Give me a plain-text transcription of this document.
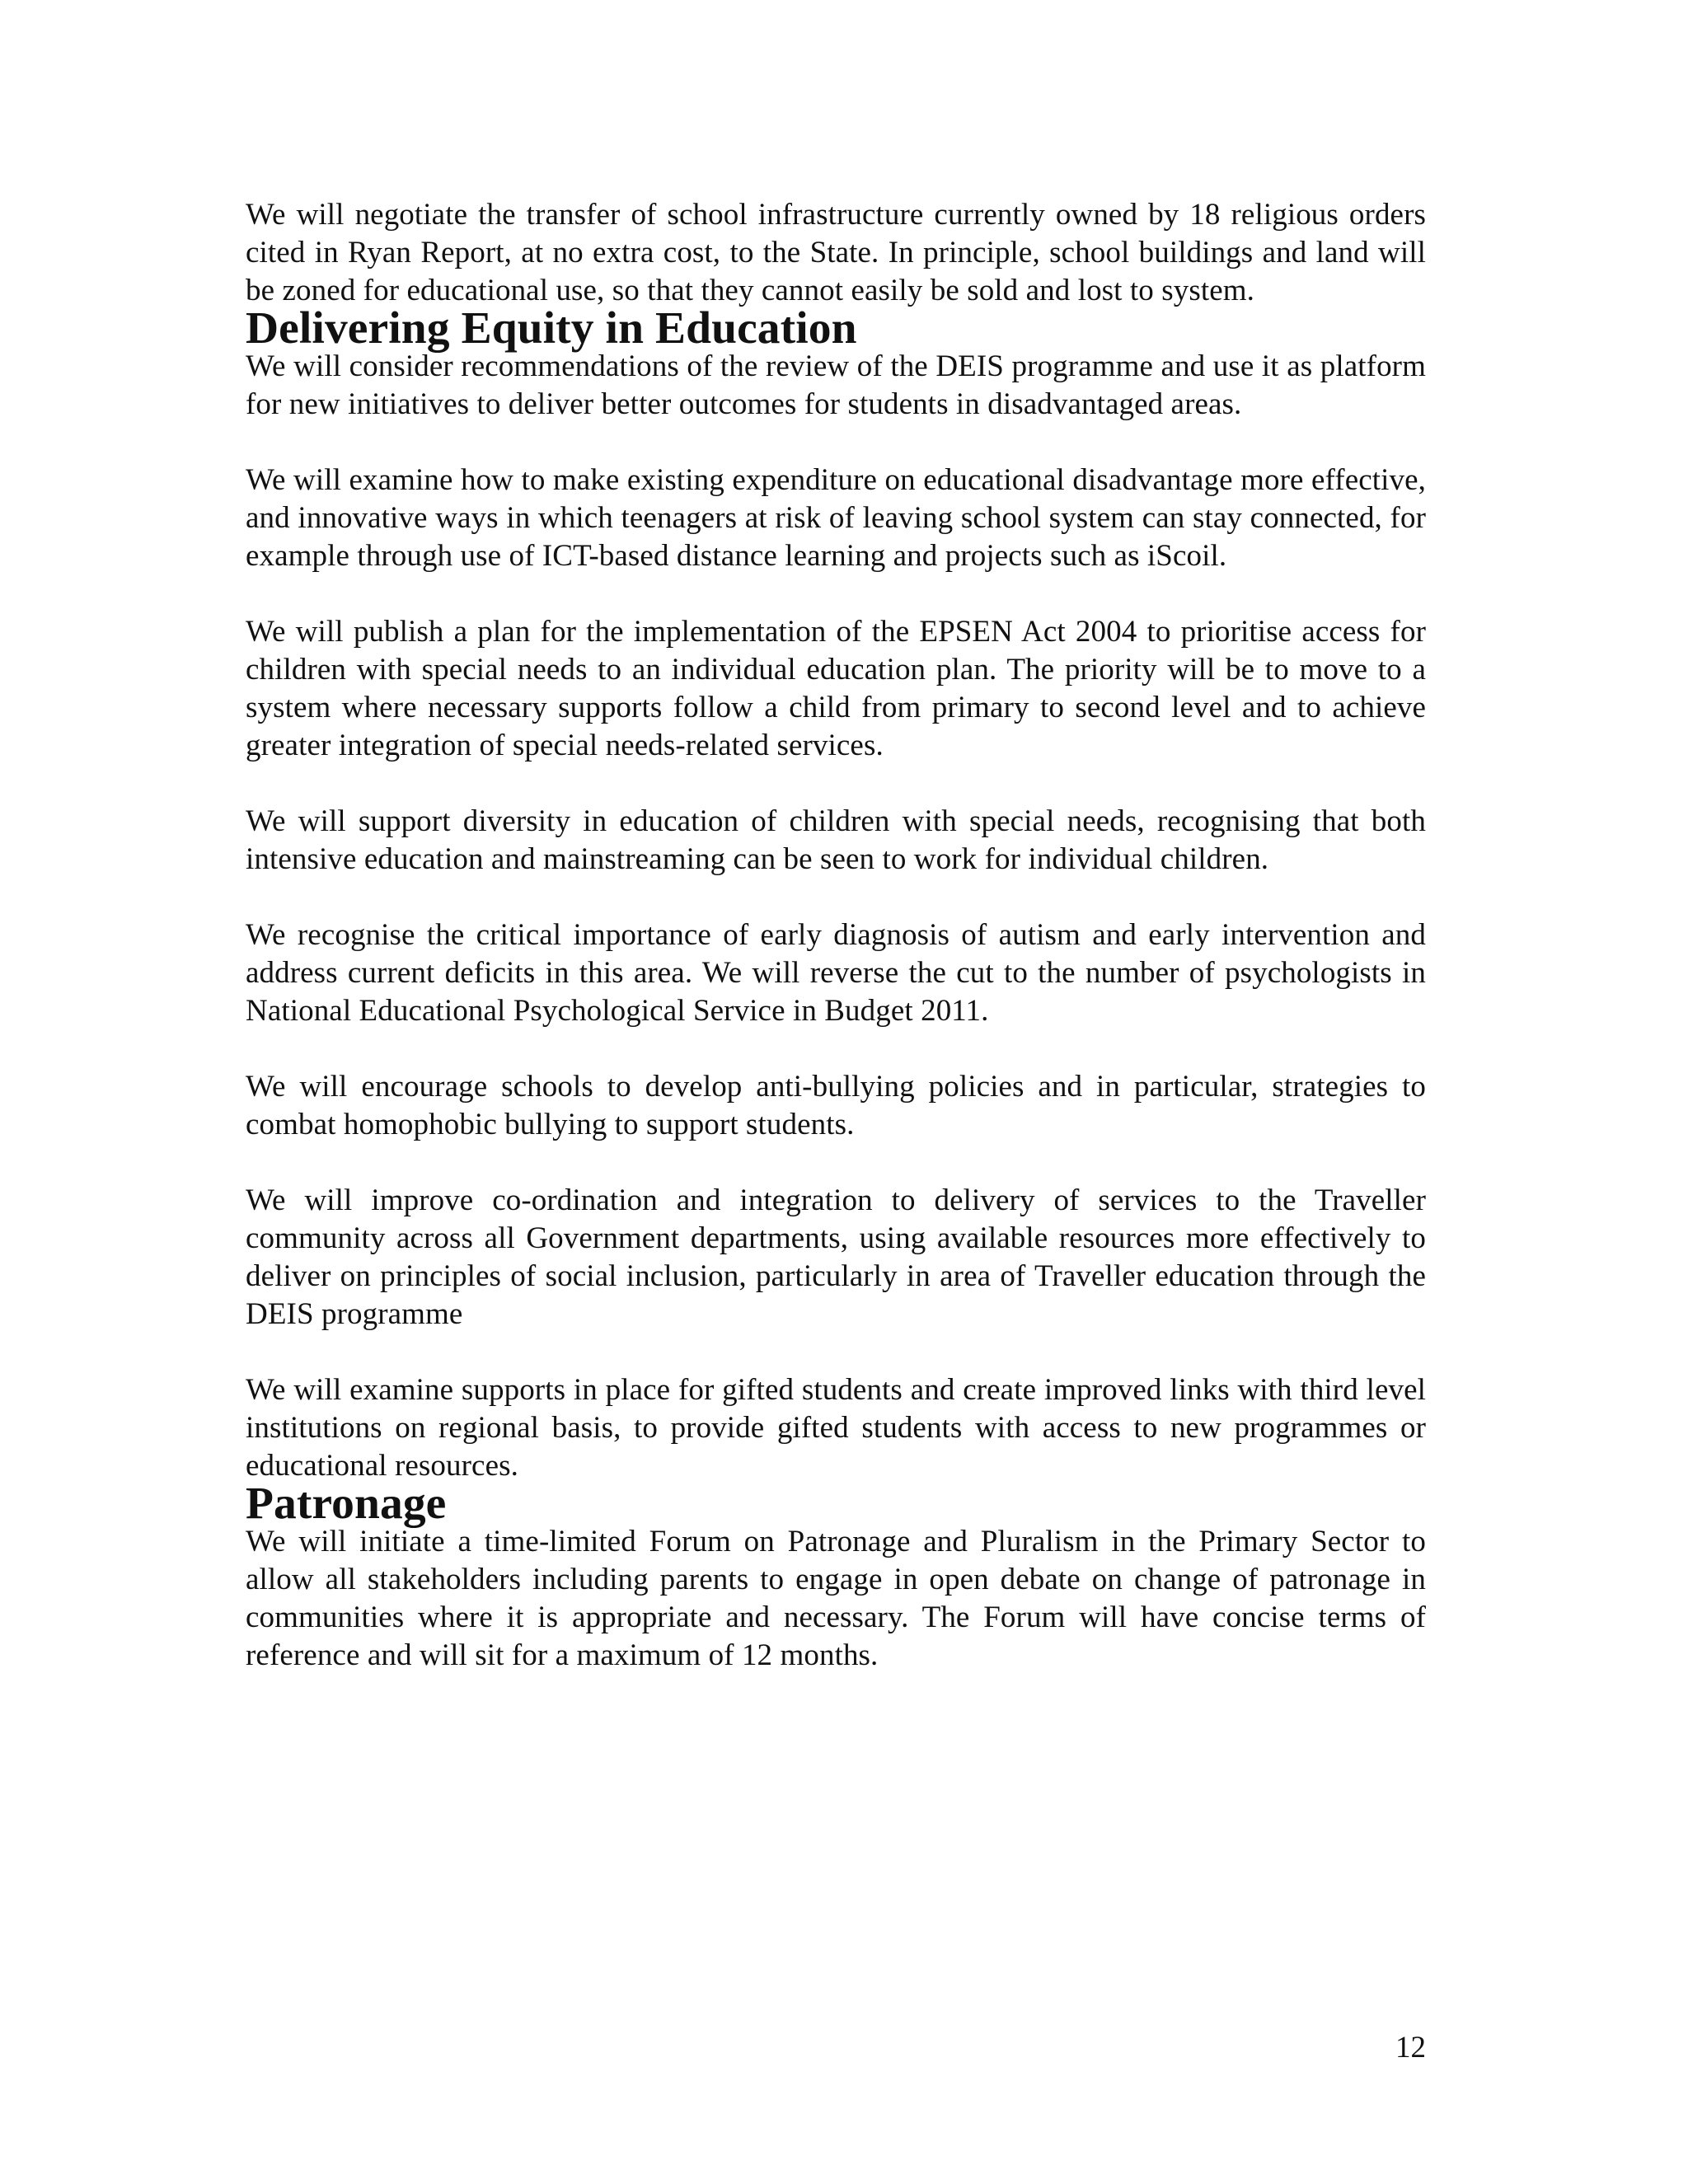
We will negotiate the transfer of school infrastructure currently owned by 18 religious orders cited in Ryan Report, at no extra cost, to the State. In principle, school buildings and land will be zoned for educational use, so that they cannot easily be sold and lost to system.

Delivering Equity in Education

We will consider recommendations of the review of the DEIS programme and use it as platform for new initiatives to deliver better outcomes for students in disadvantaged areas.

We will examine how to make existing expenditure on educational disadvantage more effective, and innovative ways in which teenagers at risk of leaving school system can stay connected, for example through use of ICT-based distance learning and projects such as iScoil.

We will publish a plan for the implementation of the EPSEN Act 2004 to prioritise access for children with special needs to an individual education plan. The priority will be to move to a system where necessary supports follow a child from primary to second level and to achieve greater integration of special needs-related services.

We will support diversity in education of children with special needs, recognising that both intensive education and mainstreaming can be seen to work for individual children.

We recognise the critical importance of early diagnosis of autism and early intervention and address current deficits in this area. We will reverse the cut to the number of psychologists in National Educational Psychological Service in Budget 2011.

We will encourage schools to develop anti-bullying policies and in particular, strategies to combat homophobic bullying to support students.

We will improve co-ordination and integration to delivery of services to the Traveller community across all Government departments, using available resources more effectively to deliver on principles of social inclusion, particularly in area of Traveller education through the DEIS programme

We will examine supports in place for gifted students and create improved links with third level institutions on regional basis, to provide gifted students with access to new programmes or educational resources.

Patronage

We will initiate a time-limited Forum on Patronage and Pluralism in the Primary Sector to allow all stakeholders including parents to engage in open debate on change of patronage in communities where it is appropriate and necessary. The Forum will have concise terms of reference and will sit for a maximum of 12 months.

12
